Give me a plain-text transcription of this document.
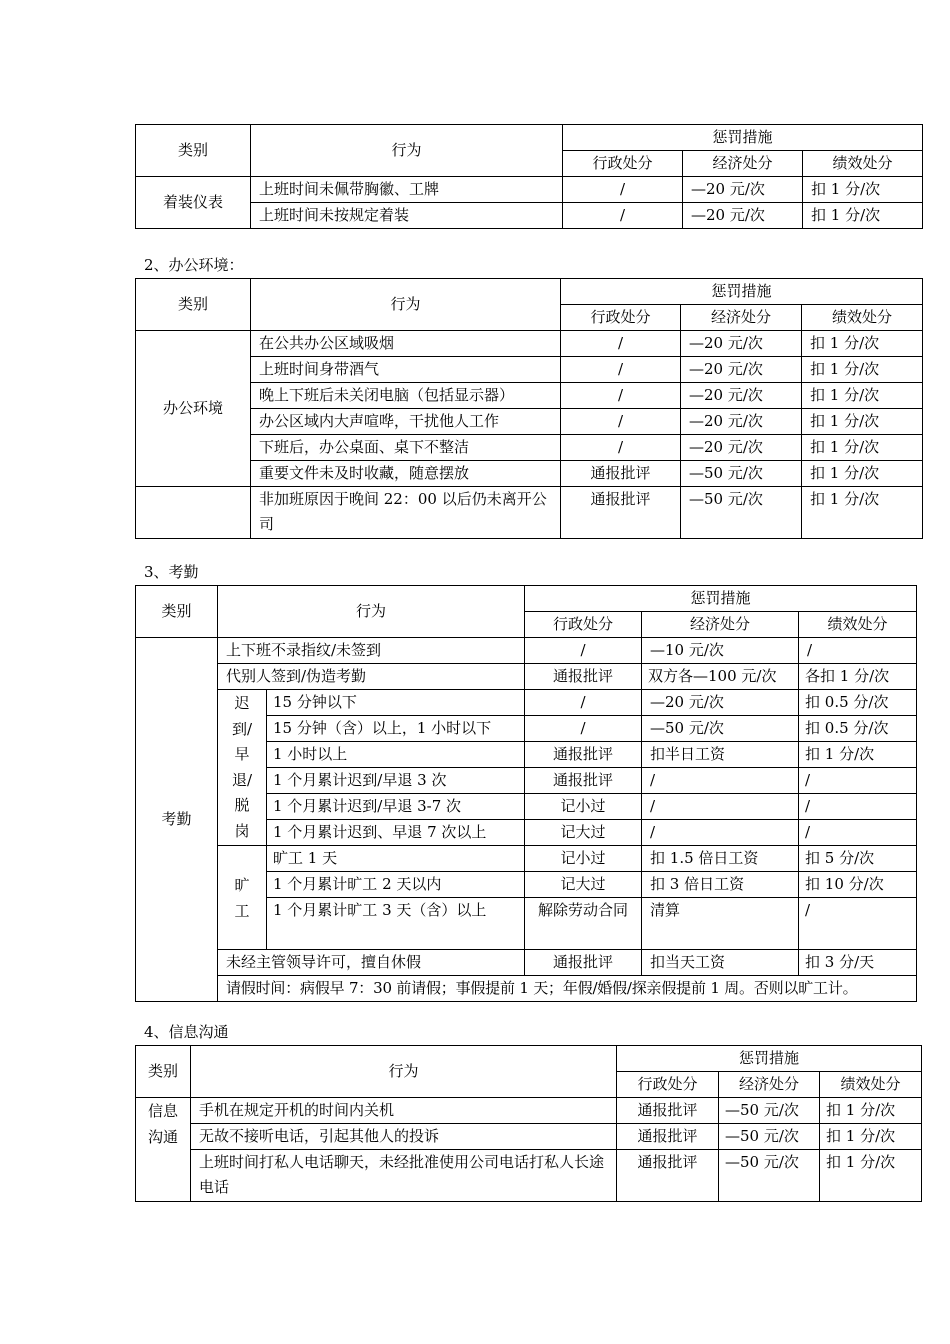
类别	行为	惩罚措施		
		行政处分	经济处分	绩效处分
着装仪表	上班时间未佩带胸徽、工牌	/	—20 元/次	扣 1 分/次
	上班时间未按规定着装	/	—20 元/次	扣 1 分/次
2、办公环境：
类别	行为	惩罚措施		
		行政处分	经济处分	绩效处分
办公环境	在公共办公区域吸烟	/	—20 元/次	扣 1 分/次
	上班时间身带酒气	/	—20 元/次	扣 1 分/次
	晚上下班后未关闭电脑（包括显示器）	/	—20 元/次	扣 1 分/次
	办公区域内大声喧哗，干扰他人工作	/	—20 元/次	扣 1 分/次
	下班后，办公桌面、桌下不整洁	/	—20 元/次	扣 1 分/次
	重要文件未及时收藏，随意摆放	通报批评	—50 元/次	扣 1 分/次
	非加班原因于晚间 22：00 以后仍未离开公司	通报批评	—50 元/次	扣 1 分/次
3、考勤
类别	行为		惩罚措施		
			行政处分	经济处分	绩效处分
考勤	上下班不录指纹/未签到		/	—10 元/次	/
	代别人签到/伪造考勤		通报批评	双方各—100 元/次	各扣 1 分/次

	迟到/早退/脱岗	15 分钟以下	/	—20 元/次	扣 0.5 分/次
		15 分钟（含）以上，1 小时以下	/	—50 元/次	扣 0.5 分/次
		1 小时以上	通报批评	扣半日工资	扣 1 分/次
		1 个月累计迟到/早退 3 次	通报批评	/	/
		1 个月累计迟到/早退 3-7 次	记小过	/	/
		1 个月累计迟到、早退 7 次以上	记大过	/	/

	旷工	旷工 1 天	记小过	扣 1.5 倍日工资	扣 5 分/次
		1 个月累计旷工 2 天以内	记大过	扣 3 倍日工资	扣 10 分/次
		1 个月累计旷工 3 天（含）以上	解除劳动合同	清算	/
	未经主管领导许可，擅自休假		通报批评	扣当天工资	扣 3 分/天
	请假时间：病假早 7：30 前请假；事假提前 1 天；年假/婚假/探亲假提前 1 周。否则以旷工计。				
4、信息沟通
类别	行为	惩罚措施		
		行政处分	经济处分	绩效处分

信息沟通	手机在规定开机的时间内关机	通报批评	—50 元/次	扣 1 分/次
	无故不接听电话，引起其他人的投诉	通报批评	—50 元/次	扣 1 分/次
	上班时间打私人电话聊天，未经批准使用公司电话打私人长途电话	通报批评	—50 元/次	扣 1 分/次
